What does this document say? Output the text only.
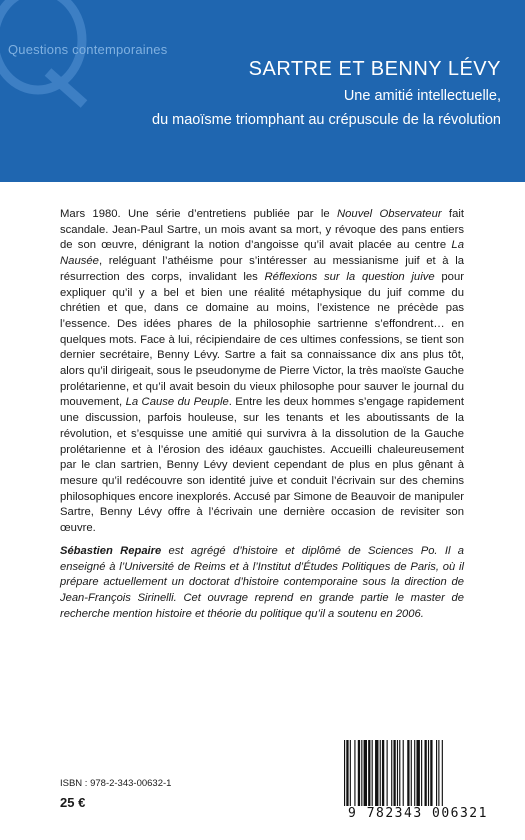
Questions contemporaines
SARTRE ET BENNY LÉVY
Une amitié intellectuelle,
du maoïsme triomphant au crépuscule de la révolution
Mars 1980. Une série d’entretiens publiée par le Nouvel Observateur fait scandale. Jean-Paul Sartre, un mois avant sa mort, y révoque des pans entiers de son œuvre, dénigrant la notion d’angoisse qu’il avait placée au centre La Nausée, reléguant l’athéisme pour s’intéresser au messianisme juif et à la résurrection des corps, invalidant les Réflexions sur la question juive pour expliquer qu’il y a bel et bien une réalité métaphysique du juif comme du chrétien et que, dans ce domaine au moins, l’existence ne précède pas l’essence. Des idées phares de la philosophie sartrienne s’effondrent… en quelques mots. Face à lui, récipiendaire de ces ultimes confessions, se tient son dernier secrétaire, Benny Lévy. Sartre a fait sa connaissance dix ans plus tôt, alors qu’il dirigeait, sous le pseudonyme de Pierre Victor, la très maoïste Gauche prolétarienne, et qu’il avait besoin du vieux philosophe pour sauver le journal du mouvement, La Cause du Peuple. Entre les deux hommes s’engage rapidement une discussion, parfois houleuse, sur les tenants et les aboutissants de la révolution, et s’esquisse une amitié qui survivra à la dissolution de la Gauche prolétarienne et à l’érosion des idéaux gauchistes. Accueilli chaleureusement par le clan sartrien, Benny Lévy devient cependant de plus en plus gênant à mesure qu’il redécouvre son identité juive et conduit l’écrivain sur des chemins philosophiques encore inexplorés. Accusé par Simone de Beauvoir de manipuler Sartre, Benny Lévy offre à l’écrivain une dernière occasion de revisiter son œuvre.
Sébastien Repaire est agrégé d’histoire et diplômé de Sciences Po. Il a enseigné à l’Université de Reims et à l’Institut d’Études Politiques de Paris, où il prépare actuellement un doctorat d’histoire contemporaine sous la direction de Jean-François Sirinelli. Cet ouvrage reprend en grande partie le master de recherche mention histoire et théorie du politique qu’il a soutenu en 2006.
ISBN : 978-2-343-00632-1
25 €
9 782343 006321
